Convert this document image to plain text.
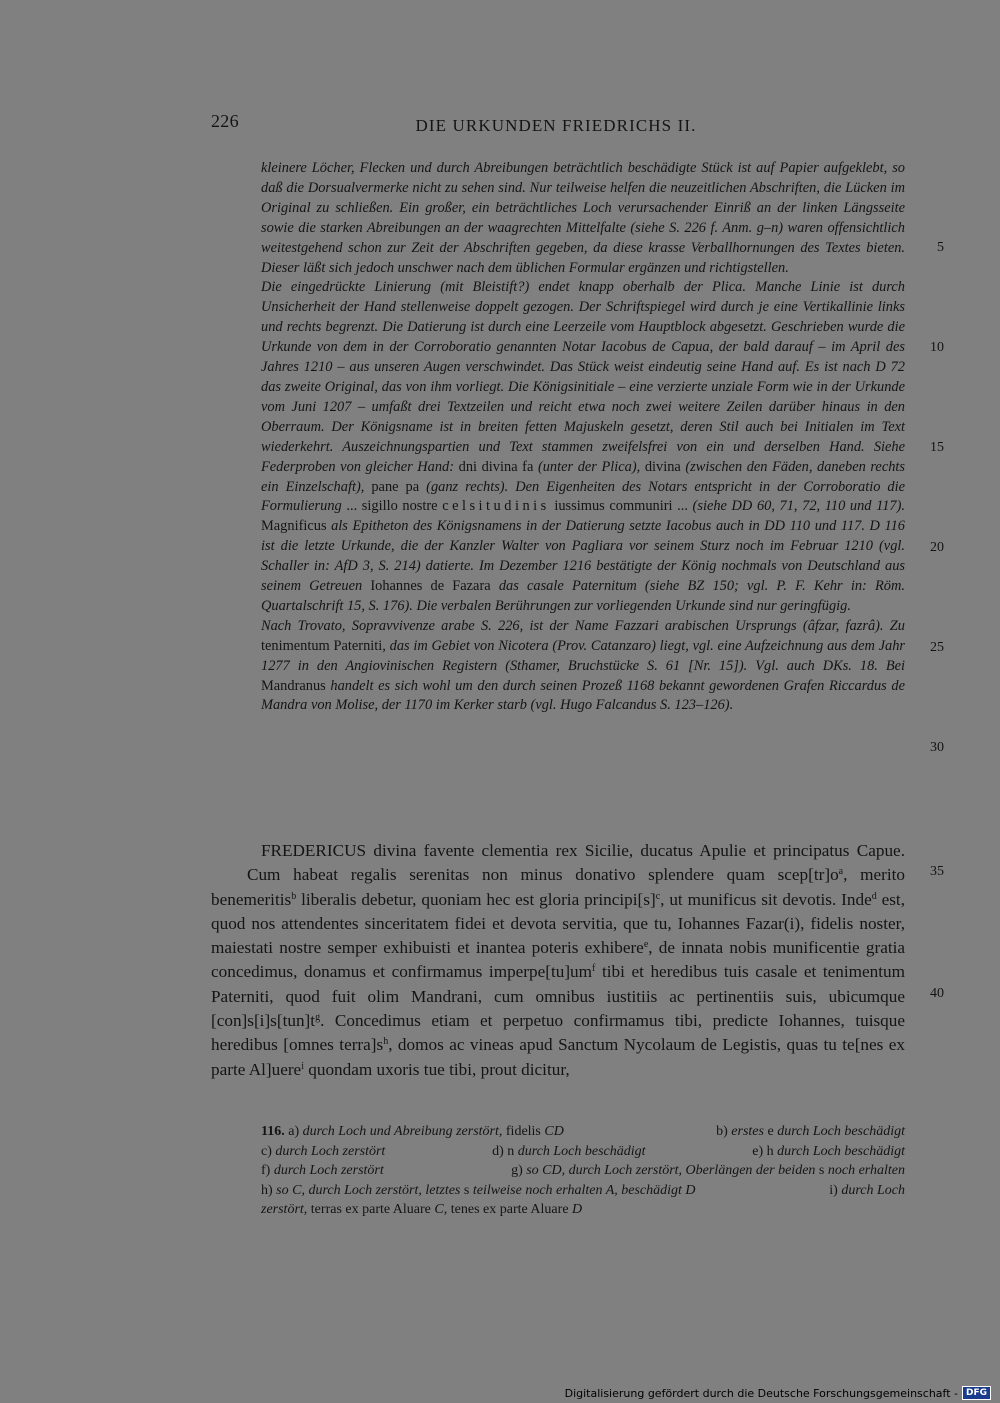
226	DIE URKUNDEN FRIEDRICHS II.
kleinere Löcher, Flecken und durch Abreibungen beträchtlich beschädigte Stück ist auf Papier aufgeklebt, so daß die Dorsualvermerke nicht zu sehen sind. Nur teilweise helfen die neuzeitlichen Abschriften, die Lücken im Original zu schließen. Ein großer, ein beträchtliches Loch verursachender Einriß an der linken Längsseite sowie die starken Abreibungen an der waagrechten Mittelfalte (siehe S. 226 f. Anm. g–n) waren offensichtlich weitestgehend schon zur Zeit der Abschriften gegeben, da diese krasse Verballhornungen des Textes bieten. Dieser läßt sich jedoch unschwer nach dem üblichen Formular ergänzen und richtigstellen.
Die eingedrückte Linierung (mit Bleistift?) endet knapp oberhalb der Plica. Manche Linie ist durch Unsicherheit der Hand stellenweise doppelt gezogen. Der Schriftspiegel wird durch je eine Vertikallinie links und rechts begrenzt. Die Datierung ist durch eine Leerzeile vom Hauptblock abgesetzt. Geschrieben wurde die Urkunde von dem in der Corroboratio genannten Notar Iacobus de Capua, der bald darauf – im April des Jahres 1210 – aus unseren Augen verschwindet. Das Stück weist eindeutig seine Hand auf. Es ist nach D 72 das zweite Original, das von ihm vorliegt. Die Königsinitiale – eine verzierte unziale Form wie in der Urkunde vom Juni 1207 – umfaßt drei Textzeilen und reicht etwa noch zwei weitere Zeilen darüber hinaus in den Oberraum. Der Königsname ist in breiten fetten Majuskeln gesetzt, deren Stil auch bei Initialen im Text wiederkehrt. Auszeichnungspartien und Text stammen zweifelsfrei von ein und derselben Hand. Siehe Federproben von gleicher Hand: dni divina fa (unter der Plica), divina (zwischen den Fäden, daneben rechts ein Einzelschaft), pane pa (ganz rechts). Den Eigenheiten des Notars entspricht in der Corroboratio die Formulierung ... sigillo nostre celsitudinis iussimus communiri ... (siehe DD 60, 71, 72, 110 und 117). Magnificus als Epitheton des Königsnamens in der Datierung setzte Iacobus auch in DD 110 und 117. D 116 ist die letzte Urkunde, die der Kanzler Walter von Pagliara vor seinem Sturz noch im Februar 1210 (vgl. Schaller in: AfD 3, S. 214) datierte. Im Dezember 1216 bestätigte der König nochmals von Deutschland aus seinem Getreuen Iohannes de Fazara das casale Paternitum (siehe BZ 150; vgl. P. F. Kehr in: Röm. Quartalschrift 15, S. 176). Die verbalen Berührungen zur vorliegenden Urkunde sind nur geringfügig.
Nach Trovato, Sopravvivenze arabe S. 226, ist der Name Fazzari arabischen Ursprungs (âfzar, fazrâ). Zu tenimentum Paterniti, das im Gebiet von Nicotera (Prov. Catanzaro) liegt, vgl. eine Aufzeichnung aus dem Jahr 1277 in den Angiovinischen Registern (Sthamer, Bruchstücke S. 61 [Nr. 15]). Vgl. auch DKs. 18. Bei Mandranus handelt es sich wohl um den durch seinen Prozeß 1168 bekannt gewordenen Grafen Riccardus de Mandra von Molise, der 1170 im Kerker starb (vgl. Hugo Falcandus S. 123–126).
FREDERICUS divina favente clementia rex Sicilie, ducatus Apulie et principatus Capue.Cum habeat regalis serenitas non minus donativo splendere quam $scep[tr]o^a$, merito benemeritis$^b$ liberalis debetur, quoniam hec est gloria $principi[s]^c$, ut munificus sit devotis. Inde$^d$ est, quod nos attendentes sinceritatem fidei et devota servitia, que tu, Iohannes Fazar(i), fidelis noster, maiestati nostre semper exhibuisti et inantea poteris exhibere$^e$, de innata nobis munificentie gratia concedimus, donamus et confirmamus $imperpe[tu]um^f$ tibi et heredibus tuis casale et tenimentum Paterniti, quod fuit olim Mandrani, cum omnibus iustitiis ac pertinentiis suis, ubicumque $[con]s[i]s[tun]t^g$. Concedimus etiam et perpetuo confirmamus tibi, predicte Iohannes, tuisque heredibus [omnes $terra]s^h$, domos ac vineas apud Sanctum Nycolaum de Legistis, quas tu te[nes ex parte Al]uere$^i$ quondam uxoris tue tibi, prout dicitur,
5
10
15
20
25
30
35
40
116. a) durch Loch und Abreibung zerstört, fidelis CD	b) erstes e durch Loch beschädigt
c) durch Loch zerstört	d) n durch Loch beschädigt	e) h durch Loch beschädigt
f) durch Loch zerstört	g) so CD, durch Loch zerstört, Oberlängen der beiden s noch erhalten
h) so C, durch Loch zerstört, letztes s teilweise noch erhalten A, beschädigt D	i) durch Loch
zerstört, terras ex parte Aluare C, tenes ex parte Aluare D
Digitalisierung gefördert durch die Deutsche Forschungsgemeinschaft - DFG
